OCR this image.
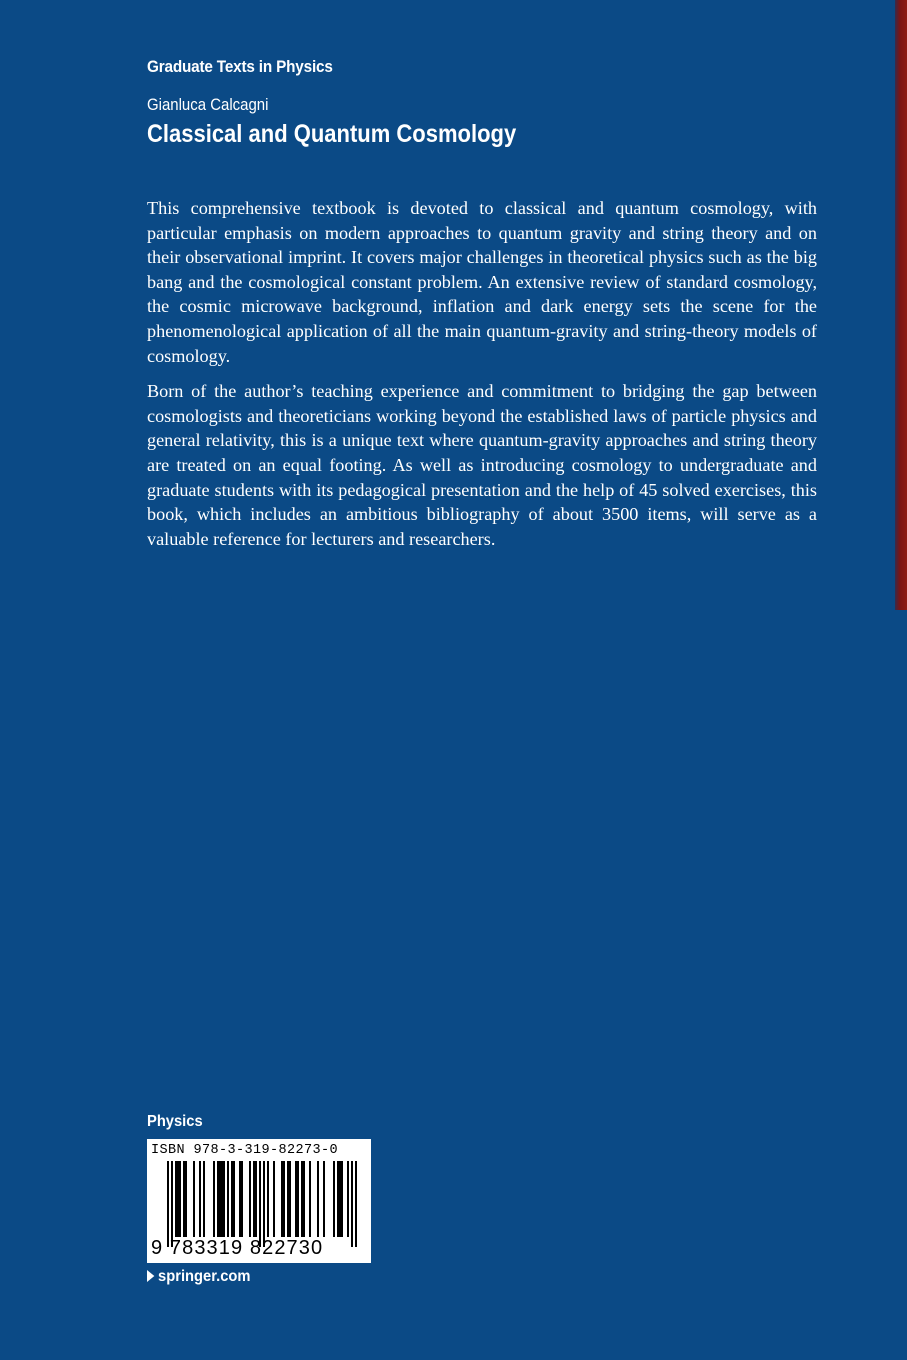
Graduate Texts in Physics
Gianluca Calcagni
Classical and Quantum Cosmology

This comprehensive textbook is devoted to classical and quantum cosmology, with particular emphasis on modern approaches to quantum gravity and string theory and on their observational imprint. It covers major challenges in theoretical physics such as the big bang and the cosmological constant problem. An extensive review of standard cosmology, the cosmic microwave background, inflation and dark energy sets the scene for the phenomenological application of all the main quantum-gravity and string-theory models of cosmology.

Born of the author’s teaching experience and commitment to bridging the gap between cosmologists and theoreticians working beyond the established laws of particle physics and general relativity, this is a unique text where quantum-gravity approaches and string theory are treated on an equal footing. As well as introducing cosmology to undergraduate and graduate students with its pedagogical presentation and the help of 45 solved exercises, this book, which includes an ambitious bibliography of about 3500 items, will serve as a valuable reference for lecturers and researchers.

Physics
ISBN 978-3-319-82273-0
9 783319 822730
springer.com
